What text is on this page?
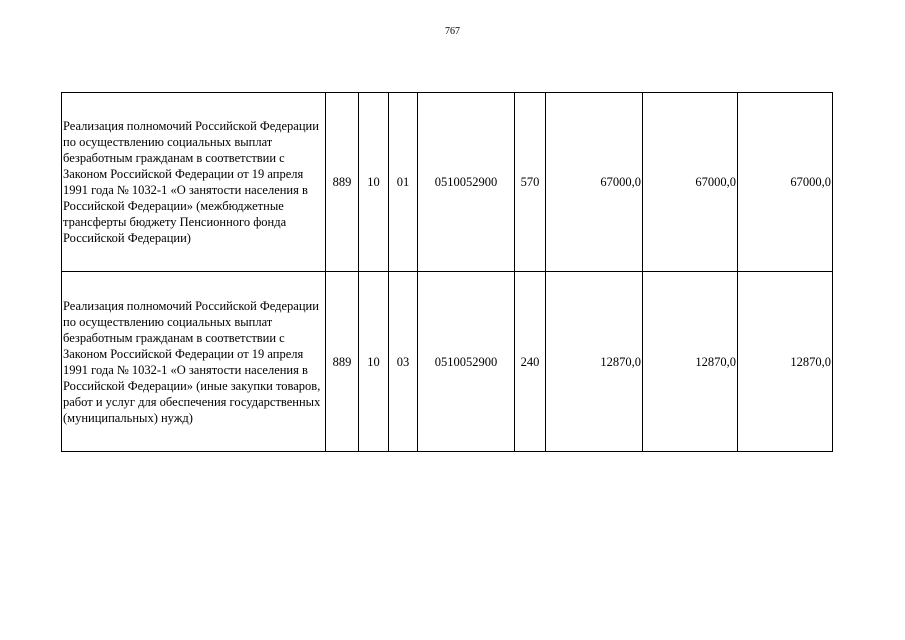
767
Реализация полномочий Российской Федерации по осуществлению социальных выплат безработным гражданам в соответствии с Законом Российской Федерации от 19 апреля 1991 года № 1032-1 «О занятости населения в Российской Федерации» (межбюджетные трансферты бюджету Пенсионного фонда Российской Федерации)	889	10	01	0510052900	570	67000,0	67000,0	67000,0
Реализация полномочий Российской Федерации по осуществлению социальных выплат безработным гражданам в соответствии с Законом Российской Федерации от 19 апреля 1991 года № 1032-1 «О занятости населения в Российской Федерации» (иные закупки товаров, работ и услуг для обеспечения государственных (муниципальных) нужд)	889	10	03	0510052900	240	12870,0	12870,0	12870,0
